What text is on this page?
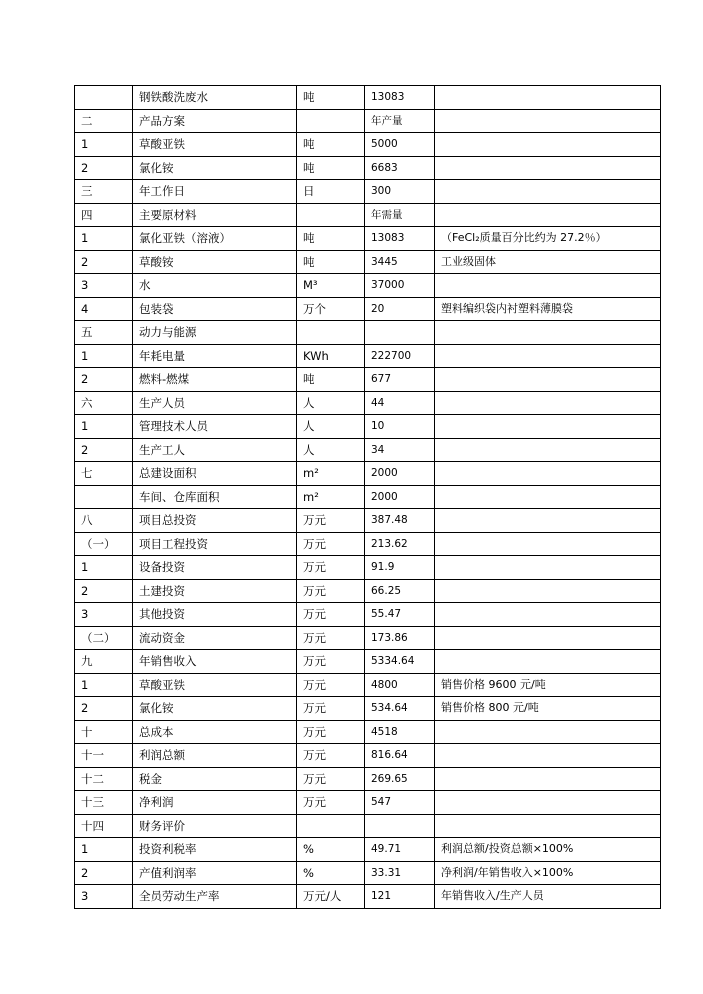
	钢铁酸洗废水	吨	13083	
二	产品方案		年产量	
1	草酸亚铁	吨	5000	
2	氯化铵	吨	6683	
三	年工作日	日	300	
四	主要原材料		年需量	
1	氯化亚铁（溶液）	吨	13083	（FeCl₂质量百分比约为 27.2％）
2	草酸铵	吨	3445	工业级固体
3	水	M³	37000	
4	包装袋	万个	20	塑料编织袋内衬塑料薄膜袋
五	动力与能源			
1	年耗电量	KWh	222700	
2	燃料-燃煤	吨	677	
六	生产人员	人	44	
1	管理技术人员	人	10	
2	生产工人	人	34	
七	总建设面积	m²	2000	
	车间、仓库面积	m²	2000	
八	项目总投资	万元	387.48	
（一）	项目工程投资	万元	213.62	
1	设备投资	万元	91.9	
2	土建投资	万元	66.25	
3	其他投资	万元	55.47	
（二）	流动资金	万元	173.86	
九	年销售收入	万元	5334.64	
1	草酸亚铁	万元	4800	销售价格 9600 元/吨
2	氯化铵	万元	534.64	销售价格 800 元/吨
十	总成本	万元	4518	
十一	利润总额	万元	816.64	
十二	税金	万元	269.65	
十三	净利润	万元	547	
十四	财务评价			
1	投资利税率	%	49.71	利润总额/投资总额×100%
2	产值利润率	%	33.31	净利润/年销售收入×100%
3	全员劳动生产率	万元/人	121	年销售收入/生产人员
